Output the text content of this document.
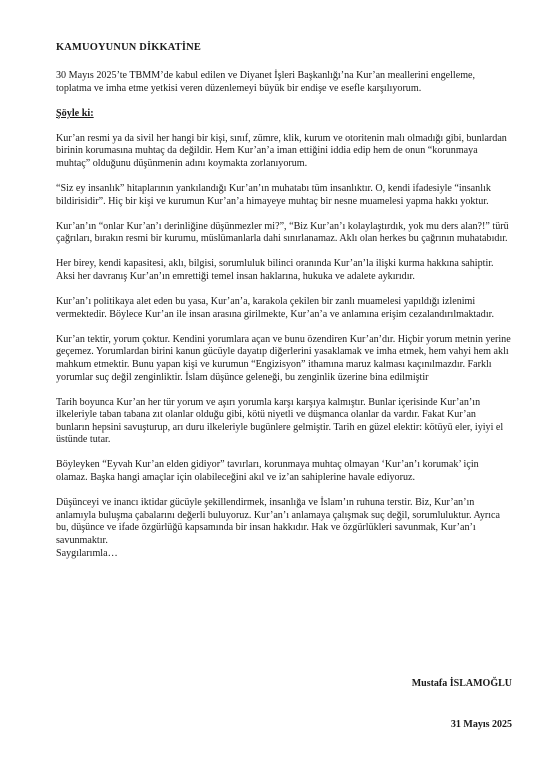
KAMUOYUNUN DİKKATİNE
30 Mayıs 2025’te TBMM’de kabul edilen ve Diyanet İşleri Başkanlığı’na Kur’an meallerini engelleme, toplatma ve imha etme yetkisi veren düzenlemeyi büyük bir endişe ve esefle karşılıyorum.
Şöyle ki:
Kur’an resmi ya da sivil her hangi bir kişi, sınıf, zümre, klik, kurum ve otoritenin malı olmadığı gibi, bunlardan birinin korumasına muhtaç da değildir. Hem Kur’an’a iman ettiğini iddia edip hem de onun “korunmaya muhtaç” olduğunu düşünmenin adını koymakta zorlanıyorum.
“Siz ey insanlık” hitaplarının yankılandığı Kur’an’ın muhatabı tüm insanlıktır. O, kendi ifadesiyle “insanlık bildirisidir”. Hiç bir kişi ve kurumun Kur’an’a himayeye muhtaç bir nesne muamelesi yapma hakkı yoktur.
Kur’an’ın “onlar Kur’an’ı derinliğine düşünmezler mi?”, “Biz Kur’an’ı kolaylaştırdık, yok mu ders alan?!” türü çağrıları, bırakın resmi bir kurumu, müslümanlarla dahi sınırlanamaz. Aklı olan herkes bu çağrının muhatabıdır.
Her birey, kendi kapasitesi, aklı, bilgisi, sorumluluk bilinci oranında Kur’an’la ilişki kurma hakkına sahiptir. Aksi her davranış Kur’an’ın emrettiği temel insan haklarına, hukuka ve adalete aykırıdır.
Kur’an’ı politikaya alet eden bu yasa, Kur’an’a, karakola çekilen bir zanlı muamelesi yapıldığı izlenimi vermektedir. Böylece Kur’an ile insan arasına girilmekte, Kur’an’a ve anlamına erişim cezalandırılmaktadır.
Kur’an tektir, yorum çoktur. Kendini yorumlara açan ve bunu özendiren Kur’an’dır. Hiçbir yorum metnin yerine geçemez. Yorumlardan birini kanun gücüyle dayatıp diğerlerini yasaklamak ve imha etmek, hem vahyi hem aklı mahkum etmektir. Bunu yapan kişi ve kurumun “Engizisyon” ithamına maruz kalması kaçınılmazdır. Farklı yorumlar suç değil zenginliktir. İslam düşünce geleneği, bu zenginlik üzerine bina edilmiştir
Tarih boyunca Kur’an her tür yorum ve aşırı yorumla karşı karşıya kalmıştır. Bunlar içerisinde Kur’an’ın ilkeleriyle taban tabana zıt olanlar olduğu gibi, kötü niyetli ve düşmanca olanlar da vardır. Fakat Kur’an bunların hepsini savuşturup, arı duru ilkeleriyle bugünlere gelmiştir. Tarih en güzel elektir: kötüyü eler, iyiyi el üstünde tutar.
Böyleyken “Eyvah Kur’an elden gidiyor” tavırları, korunmaya muhtaç olmayan ‘Kur’an’ı korumak’ için olamaz. Başka hangi amaçlar için olabileceğini akıl ve iz’an sahiplerine havale ediyoruz.
Düşünceyi ve inancı iktidar gücüyle şekillendirmek, insanlığa ve İslam’ın ruhuna terstir. Biz, Kur’an’ın anlamıyla buluşma çabalarını değerli buluyoruz. Kur’an’ı anlamaya çalışmak suç değil, sorumluluktur. Ayrıca bu, düşünce ve ifade özgürlüğü kapsamında bir insan hakkıdır. Hak ve özgürlükleri savunmak, Kur’an’ı savunmaktır.
Saygılarımla…
Mustafa İSLAMOĞLU
31 Mayıs 2025
